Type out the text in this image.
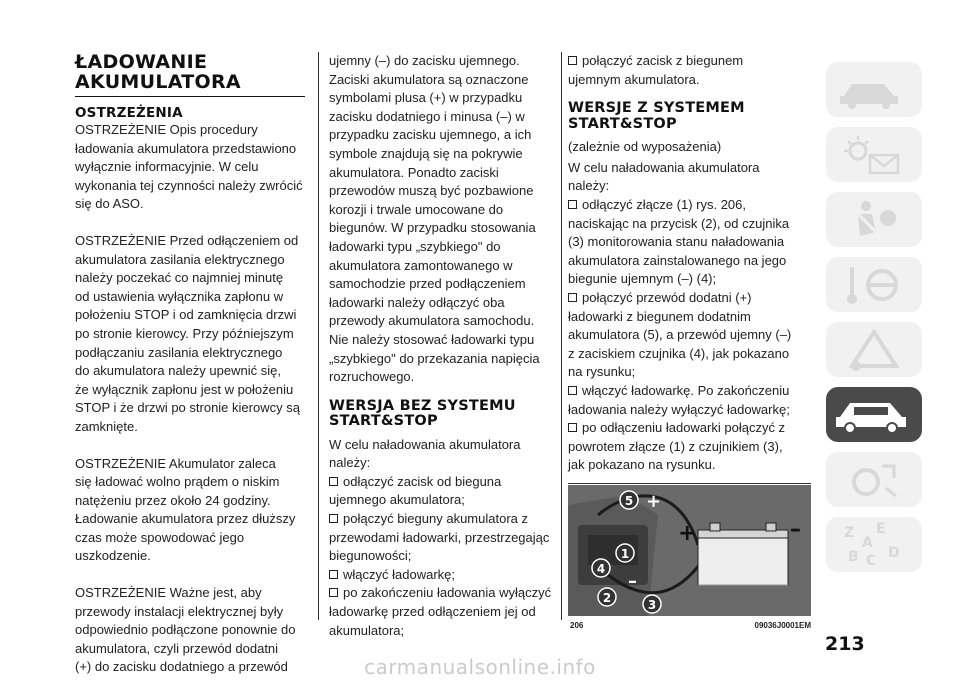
ŁADOWANIE
AKUMULATORA
OSTRZEŻENIA
OSTRZEŻENIE Opis procedury
ładowania akumulatora przedstawiono
wyłącznie informacyjnie. W celu
wykonania tej czynności należy zwrócić
się do ASO.
OSTRZEŻENIE Przed odłączeniem od
akumulatora zasilania elektrycznego
należy poczekać co najmniej minutę
od ustawienia wyłącznika zapłonu w
położeniu STOP i od zamknięcia drzwi
po stronie kierowcy. Przy późniejszym
podłączaniu zasilania elektrycznego
do akumulatora należy upewnić się,
że wyłącznik zapłonu jest w położeniu
STOP i że drzwi po stronie kierowcy są
zamknięte.
OSTRZEŻENIE Akumulator zaleca
się ładować wolno prądem o niskim
natężeniu przez około 24 godziny.
Ładowanie akumulatora przez dłuższy
czas może spowodować jego
uszkodzenie.
OSTRZEŻENIE Ważne jest, aby
przewody instalacji elektrycznej były
odpowiednio podłączone ponownie do
akumulatora, czyli przewód dodatni
(+) do zacisku dodatniego a przewód
ujemny (–) do zacisku ujemnego.
Zaciski akumulatora są oznaczone
symbolami plusa (+) w przypadku
zacisku dodatniego i minusa (–) w
przypadku zacisku ujemnego, a ich
symbole znajdują się na pokrywie
akumulatora. Ponadto zaciski
przewodów muszą być pozbawione
korozji i trwale umocowane do
biegunów. W przypadku stosowania
ładowarki typu „szybkiego" do
akumulatora zamontowanego w
samochodzie przed podłączeniem
ładowarki należy odłączyć oba
przewody akumulatora samochodu.
Nie należy stosować ładowarki typu
„szybkiego" do przekazania napięcia
rozruchowego.
WERSJA BEZ SYSTEMU
START&STOP
W celu naładowania akumulatora
należy:
odłączyć zacisk od bieguna
ujemnego akumulatora;
połączyć bieguny akumulatora z
przewodami ładowarki, przestrzegając
biegunowości;
włączyć ładowarkę;
po zakończeniu ładowania wyłączyć
ładowarkę przed odłączeniem jej od
akumulatora;
połączyć zacisk z biegunem
ujemnym akumulatora.
WERSJE Z SYSTEMEM
START&STOP
(zależnie od wyposażenia)
W celu naładowania akumulatora
należy:
odłączyć złącze (1) rys. 206,
naciskając na przycisk (2), od czujnika
(3) monitorowania stanu naładowania
akumulatora zainstalowanego na jego
biegunie ujemnym (–) (4);
połączyć przewód dodatni (+)
ładowarki z biegunem dodatnim
akumulatora (5), a przewód ujemny (–)
z zaciskiem czujnika (4), jak pokazano
na rysunku;
włączyć ładowarkę. Po zakończeniu
ładowania należy wyłączyć ładowarkę;
po odłączeniu ładowarki połączyć z
powrotem złącze (1) z czujnikiem (3),
jak pokazano na rysunku.
+	–
+
–
5
1
4
2	3
206	09036J0001EM
Z E
A
B C D
213
carmanualsonline.info
